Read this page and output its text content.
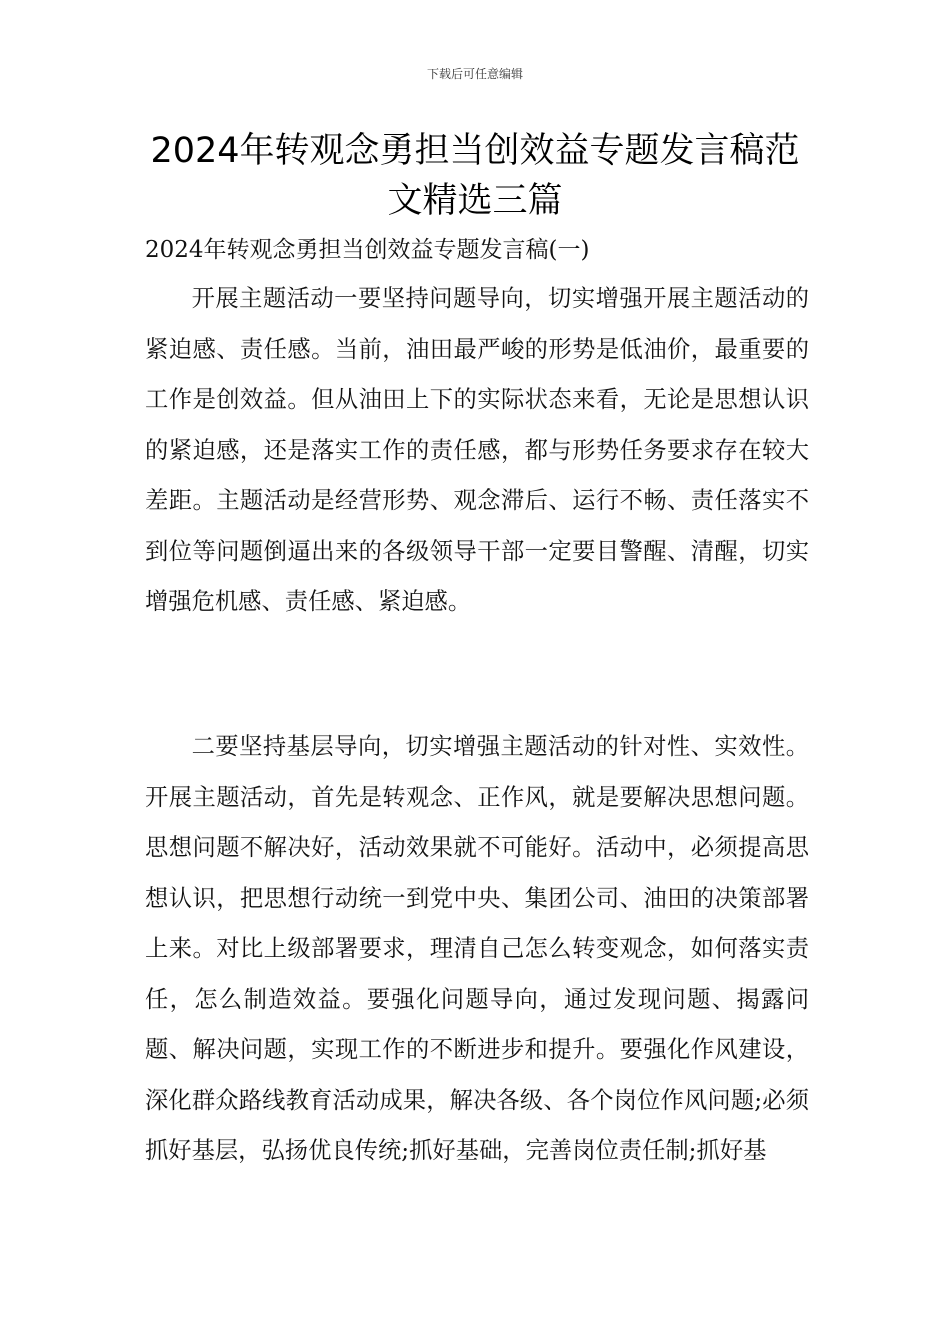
下载后可任意编辑
2024年转观念勇担当创效益专题发言稿范文精选三篇

2024年转观念勇担当创效益专题发言稿(一)

开展主题活动一要坚持问题导向，切实增强开展主题活动的紧迫感、责任感。当前，油田最严峻的形势是低油价，最重要的工作是创效益。但从油田上下的实际状态来看，无论是思想认识的紧迫感，还是落实工作的责任感，都与形势任务要求存在较大差距。主题活动是经营形势、观念滞后、运行不畅、责任落实不到位等问题倒逼出来的各级领导干部一定要目警醒、清醒，切实增强危机感、责任感、紧迫感。

二要坚持基层导向，切实增强主题活动的针对性、实效性。开展主题活动，首先是转观念、正作风，就是要解决思想问题。思想问题不解决好，活动效果就不可能好。活动中，必须提高思想认识，把思想行动统一到党中央、集团公司、油田的决策部署上来。对比上级部署要求，理清自己怎么转变观念，如何落实责任，怎么制造效益。要强化问题导向，通过发现问题、揭露问题、解决问题，实现工作的不断进步和提升。要强化作风建设，深化群众路线教育活动成果，解决各级、各个岗位作风问题;必须抓好基层，弘扬优良传统;抓好基础，完善岗位责任制;抓好基
